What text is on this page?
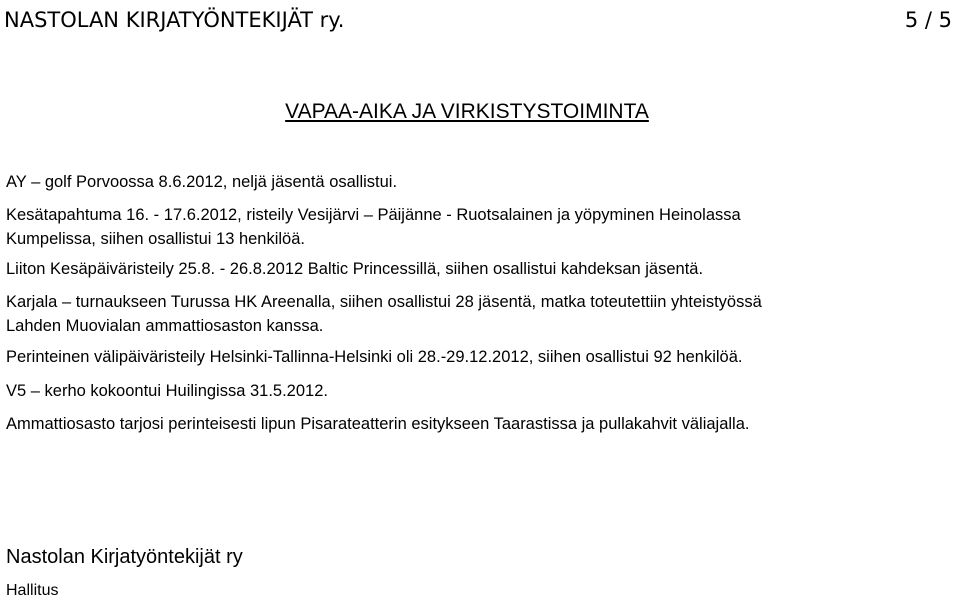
NASTOLAN KIRJATYÖNTEKIJÄT ry.	5 / 5
VAPAA-AIKA JA VIRKISTYSTOIMINTA
AY – golf Porvoossa 8.6.2012, neljä jäsentä osallistui.
Kesätapahtuma 16. - 17.6.2012, risteily Vesijärvi – Päijänne - Ruotsalainen ja yöpyminen Heinolassa
Kumpelissa, siihen osallistui 13 henkilöä.
Liiton Kesäpäiväristeily 25.8. - 26.8.2012 Baltic Princessillä, siihen osallistui kahdeksan jäsentä.
Karjala – turnaukseen Turussa HK Areenalla, siihen osallistui 28 jäsentä, matka toteutettiin yhteistyössä
Lahden Muovialan ammattiosaston kanssa.
Perinteinen välipäiväristeily Helsinki-Tallinna-Helsinki oli 28.-29.12.2012, siihen osallistui 92 henkilöä.
V5 – kerho kokoontui Huilingissa 31.5.2012.
Ammattiosasto tarjosi perinteisesti lipun Pisarateatterin esitykseen Taarastissa ja pullakahvit väliajalla.
Nastolan Kirjatyöntekijät ry
Hallitus
